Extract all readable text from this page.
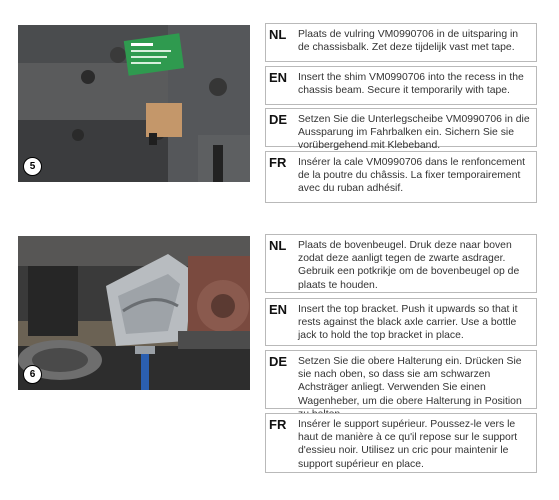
5
6
NL Plaats de vulring VM0990706 in de uitsparing in de chassisbalk. Zet deze tijdelijk vast met tape.
EN Insert the shim VM0990706 into the recess in the chassis beam. Secure it temporarily with tape.
DE Setzen Sie die Unterlegscheibe VM0990706 in die Aussparung im Fahrbalken ein. Sichern Sie sie vorübergehend mit Klebeband.
FR Insérer la cale VM0990706 dans le renfoncement de la poutre du châssis. La fixer temporairement avec du ruban adhésif.
NL Plaats de bovenbeugel. Druk deze naar boven zodat deze aanligt tegen de zwarte asdrager. Gebruik een potkrikje om de bovenbeugel op de plaats te houden.
EN Insert the top bracket. Push it upwards so that it rests against the black axle carrier. Use a bottle jack to hold the top bracket in place.
DE Setzen Sie die obere Halterung ein. Drücken Sie sie nach oben, so dass sie am schwarzen Achsträger anliegt. Verwenden Sie einen Wagenheber, um die obere Halterung in Position
FR Insérer le support supérieur. Poussez-le vers le haut de manière à ce qu'il repose sur le support d'essieu noir. Utilisez un cric pour maintenir le support supérieur en place.
